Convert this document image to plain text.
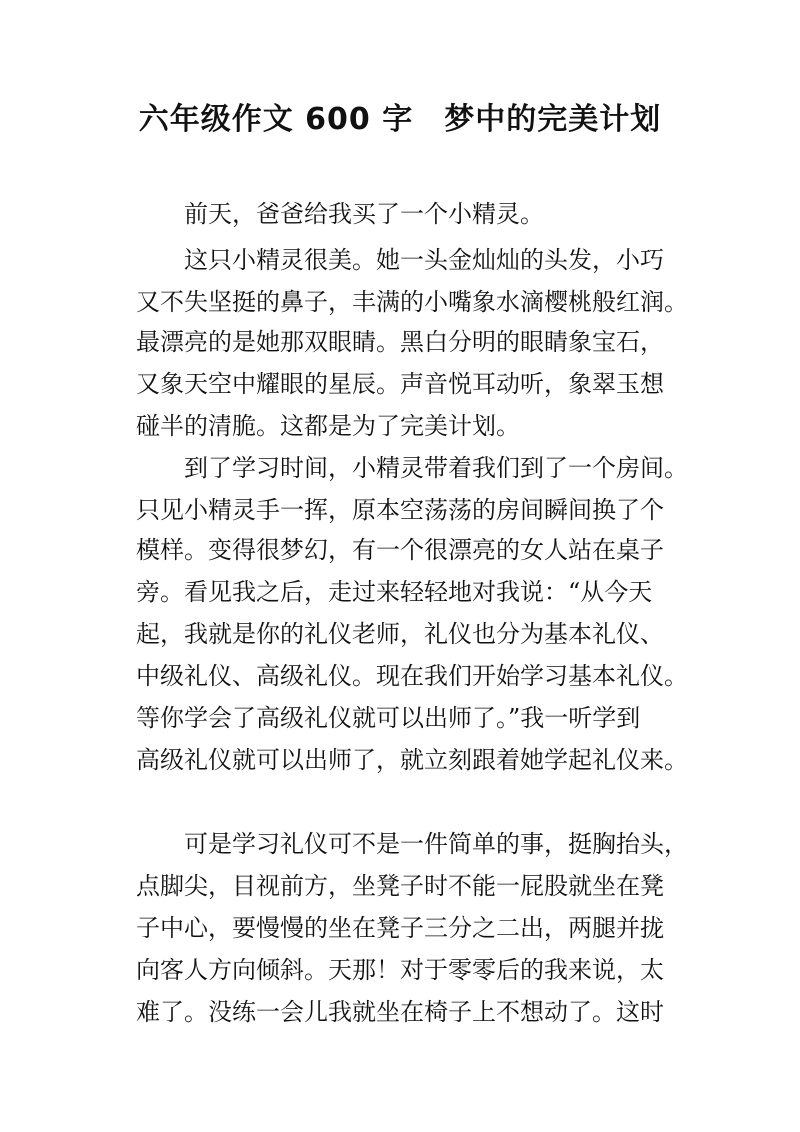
六年级作文 600 字　梦中的完美计划
前天，爸爸给我买了一个小精灵。
这只小精灵很美。她一头金灿灿的头发，小巧
又不失坚挺的鼻子，丰满的小嘴象水滴樱桃般红润。
最漂亮的是她那双眼睛。黑白分明的眼睛象宝石，
又象天空中耀眼的星辰。声音悦耳动听，象翠玉想
碰半的清脆。这都是为了完美计划。
到了学习时间，小精灵带着我们到了一个房间。
只见小精灵手一挥，原本空荡荡的房间瞬间换了个
模样。变得很梦幻，有一个很漂亮的女人站在桌子
旁。看见我之后，走过来轻轻地对我说：“从今天
起，我就是你的礼仪老师，礼仪也分为基本礼仪、
中级礼仪、高级礼仪。现在我们开始学习基本礼仪。
等你学会了高级礼仪就可以出师了。”我一听学到
高级礼仪就可以出师了，就立刻跟着她学起礼仪来。
可是学习礼仪可不是一件简单的事，挺胸抬头，
点脚尖，目视前方，坐凳子时不能一屁股就坐在凳
子中心，要慢慢的坐在凳子三分之二出，两腿并拢
向客人方向倾斜。天那！对于零零后的我来说，太
难了。没练一会儿我就坐在椅子上不想动了。这时
